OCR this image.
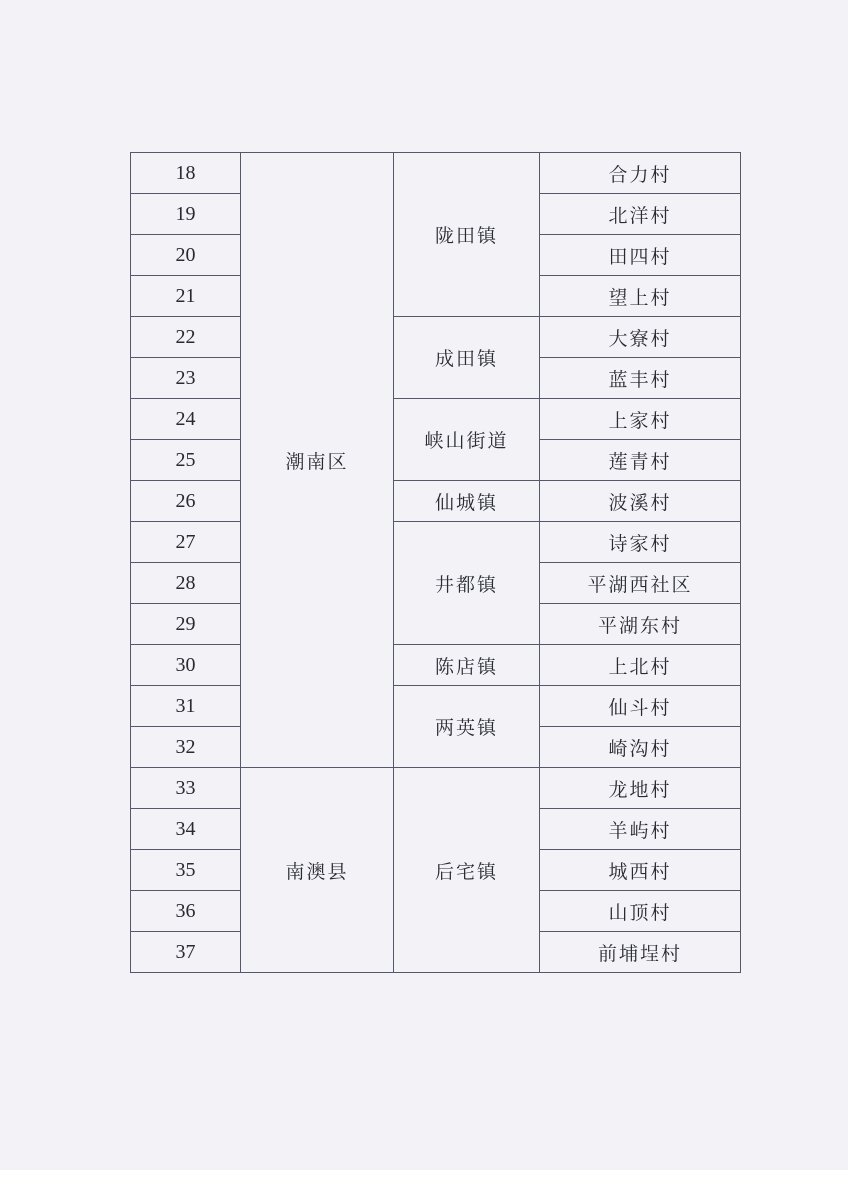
18	潮南区	陇田镇	合力村
19			北洋村
20			田四村
21			望上村
22		成田镇	大寮村
23			蓝丰村
24		峡山街道	上家村
25			莲青村
26		仙城镇	波溪村
27		井都镇	诗家村
28			平湖西社区
29			平湖东村
30		陈店镇	上北村
31		两英镇	仙斗村
32			崎沟村
33	南澳县	后宅镇	龙地村
34			羊屿村
35			城西村
36			山顶村
37			前埔埕村
